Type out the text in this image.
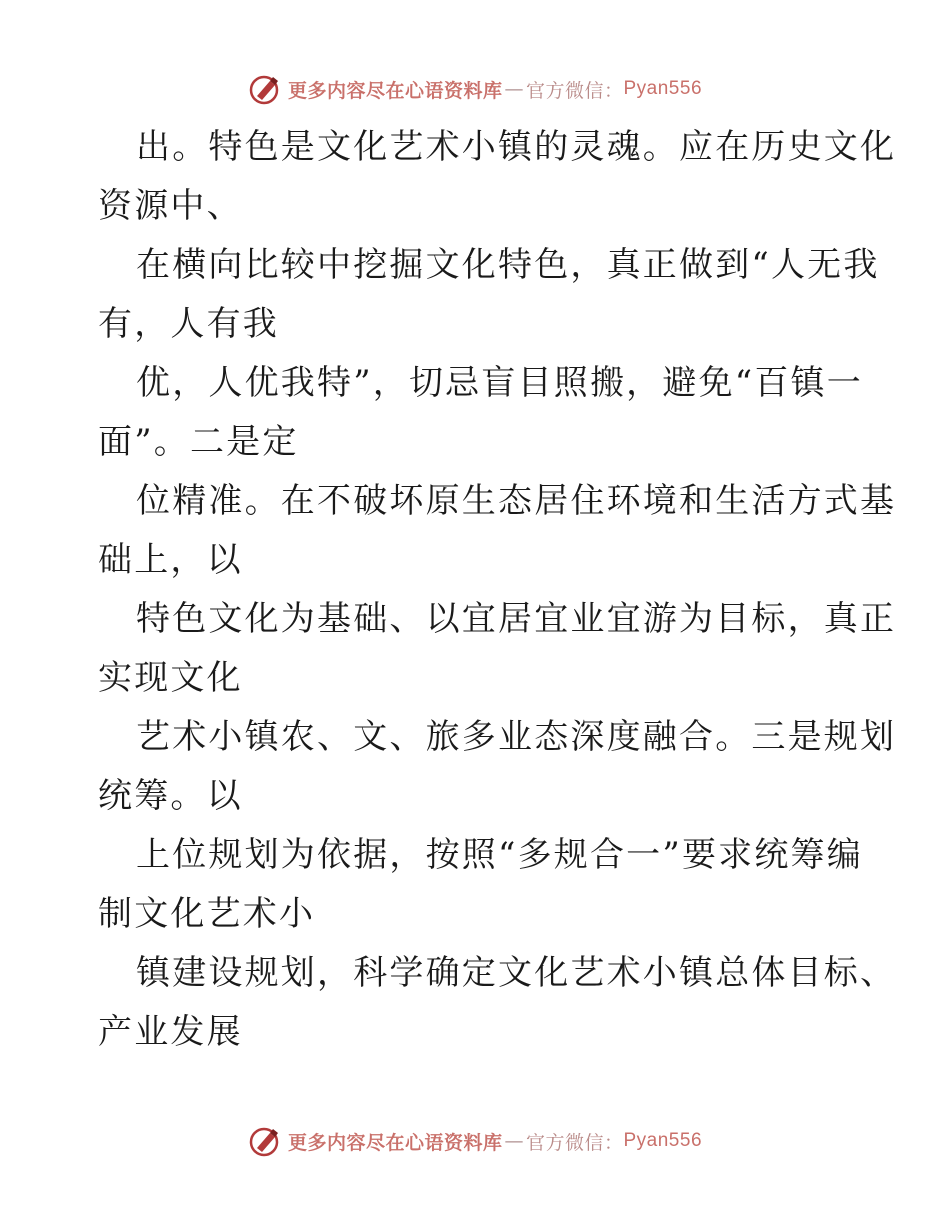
更多内容尽在心语资料库 — 官方微信： Pyan556
出。特色是文化艺术小镇的灵魂。应在历史文化
资源中、
在横向比较中挖掘文化特色，真正做到“人无我
有，人有我
优，人优我特”，切忌盲目照搬，避免“百镇一
面”。二是定
位精准。在不破坏原生态居住环境和生活方式基
础上，以
特色文化为基础、以宜居宜业宜游为目标，真正
实现文化
艺术小镇农、文、旅多业态深度融合。三是规划
统筹。以
上位规划为依据，按照“多规合一”要求统筹编
制文化艺术小
镇建设规划，科学确定文化艺术小镇总体目标、
产业发展
更多内容尽在心语资料库 — 官方微信： Pyan556
